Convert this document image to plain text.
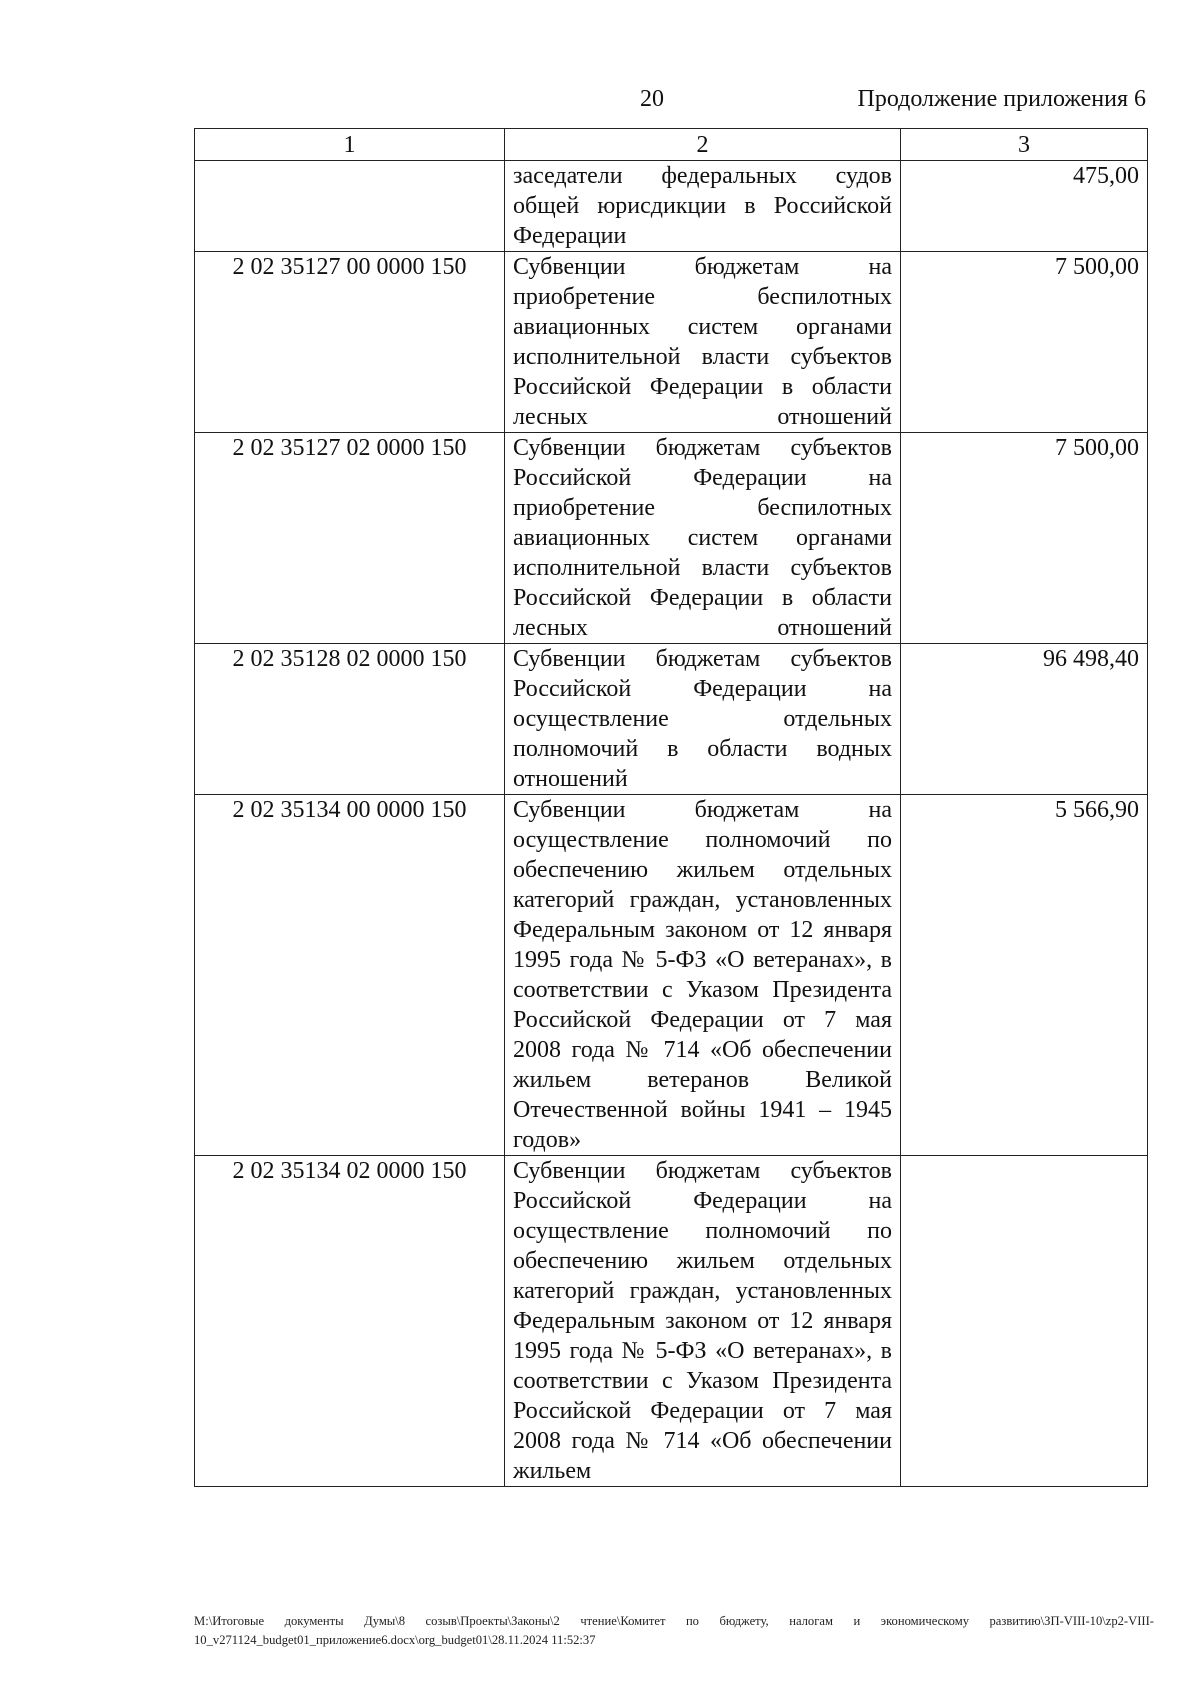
20	Продолжение приложения 6
1	2	3
	заседатели федеральных судов общей юрисдикции в Российской Федерации	475,00
2 02 35127 00 0000 150	Субвенции бюджетам на приобретение беспилотных авиационных систем органами исполнительной власти субъектов Российской Федерации в области лесных отношений	7 500,00
2 02 35127 02 0000 150	Субвенции бюджетам субъектов Российской Федерации на приобретение беспилотных авиационных систем органами исполнительной власти субъектов Российской Федерации в области лесных отношений	7 500,00
2 02 35128 02 0000 150	Субвенции бюджетам субъектов Российской Федерации на осуществление отдельных полномочий в области водных отношений	96 498,40
2 02 35134 00 0000 150	Субвенции бюджетам на осуществление полномочий по обеспечению жильем отдельных категорий граждан, установленных Федеральным законом от 12 января 1995 года № 5-ФЗ «О ветеранах», в соответствии с Указом Президента Российской Федерации от 7 мая 2008 года № 714 «Об обеспечении жильем ветеранов Великой Отечественной войны 1941 – 1945 годов»	5 566,90
2 02 35134 02 0000 150	Субвенции бюджетам субъектов Российской Федерации на осуществление полномочий по обеспечению жильем отдельных категорий граждан, установленных Федеральным законом от 12 января 1995 года № 5-ФЗ «О ветеранах», в соответствии с Указом Президента Российской Федерации от 7 мая 2008 года № 714 «Об обеспечении жильем	
М:\Итоговые документы Думы\8 созыв\Проекты\Законы\2 чтение\Комитет по бюджету, налогам и экономическому развитию\ЗП-VIII-10\zp2-VIII-
10_v271124_budget01_приложение6.docx\org_budget01\28.11.2024 11:52:37
